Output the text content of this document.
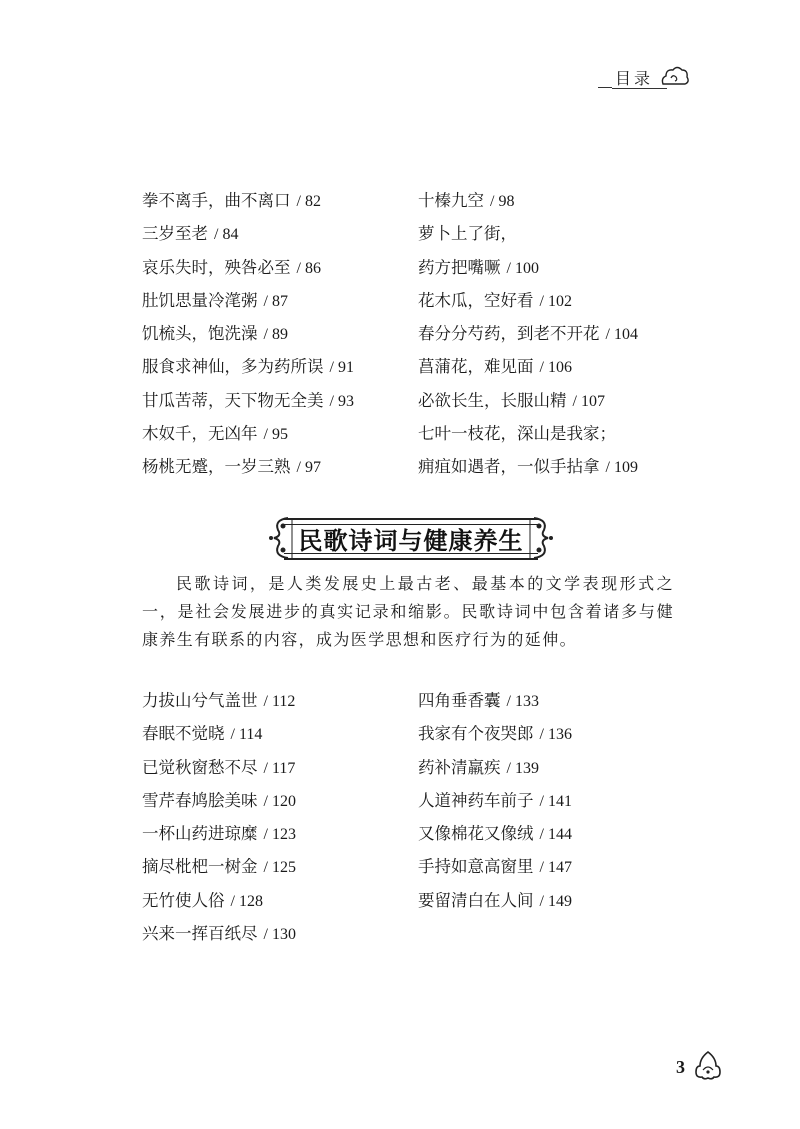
目录
拳不离手，曲不离口 / 82
三岁至老 / 84
哀乐失时，殃咎必至 / 86
肚饥思量冷滗粥 / 87
饥梳头，饱洗澡 / 89
服食求神仙，多为药所误 / 91
甘瓜苦蒂，天下物无全美 / 93
木奴千，无凶年 / 95
杨桃无蹙，一岁三熟 / 97
十榛九空 / 98
萝卜上了街，
药方把嘴噘 / 100
花木瓜，空好看 / 102
春分分芍药，到老不开花 / 104
菖蒲花，难见面 / 106
必欲长生，长服山精 / 107
七叶一枝花，深山是我家；
痈疽如遇者，一似手拈拿 / 109
民歌诗词与健康养生
民歌诗词，是人类发展史上最古老、最基本的文学表现形式之一，是社会发展进步的真实记录和缩影。民歌诗词中包含着诸多与健康养生有联系的内容，成为医学思想和医疗行为的延伸。
力拔山兮气盖世 / 112
春眠不觉晓 / 114
已觉秋窗愁不尽 / 117
雪芹春鸠脍美味 / 120
一杯山药进琼糜 / 123
摘尽枇杷一树金 / 125
无竹使人俗 / 128
兴来一挥百纸尽 / 130
四角垂香囊 / 133
我家有个夜哭郎 / 136
药补清羸疾 / 139
人道神药车前子 / 141
又像棉花又像绒 / 144
手持如意高窗里 / 147
要留清白在人间 / 149
3
